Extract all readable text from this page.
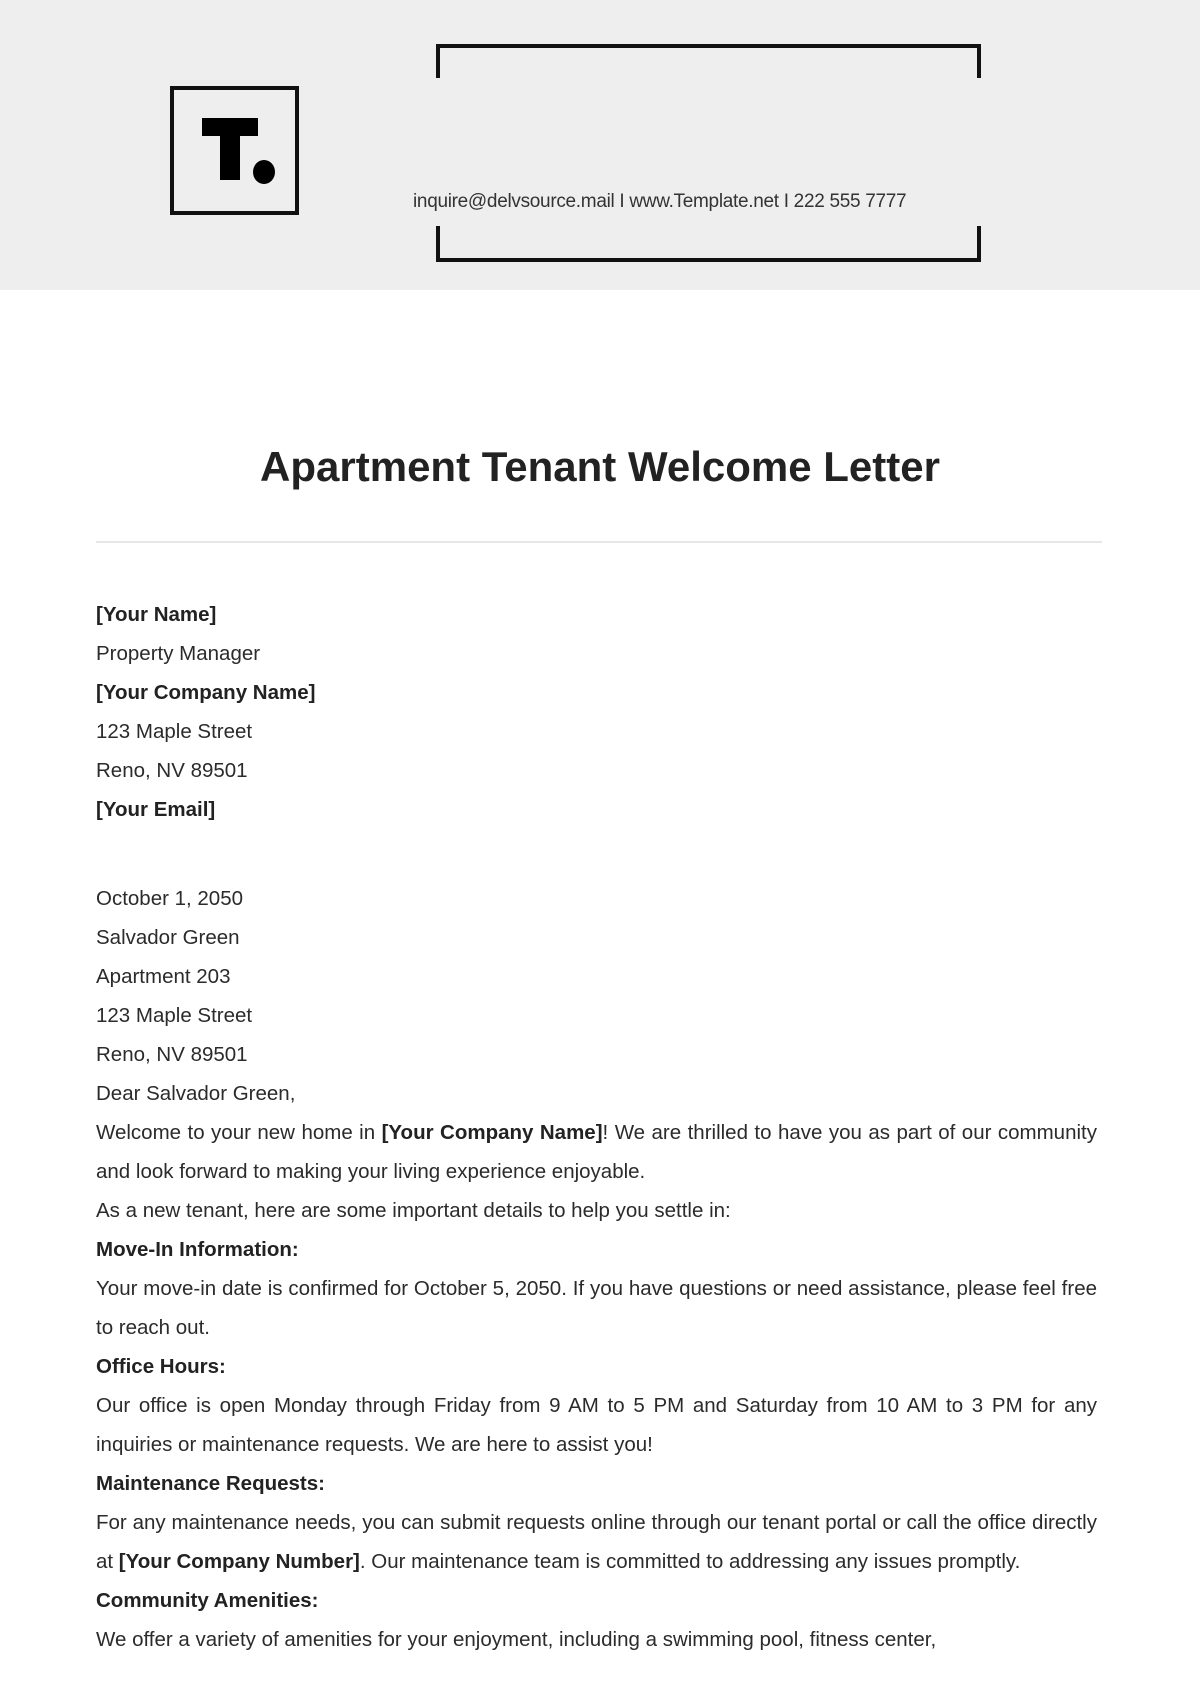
inquire@delvsource.mail I www.Template.net I 222 555 7777
Apartment Tenant Welcome Letter

[Your Name]

Property Manager

[Your Company Name]

123 Maple Street

Reno, NV 89501

[Your Email]

October 1, 2050

Salvador Green

Apartment 203

123 Maple Street

Reno, NV 89501

Dear Salvador Green,

Welcome to your new home in [Your Company Name]! We are thrilled to have you as part of our community and look forward to making your living experience enjoyable.

As a new tenant, here are some important details to help you settle in:

Move-In Information:

Your move-in date is confirmed for October 5, 2050. If you have questions or need assistance, please feel free to reach out.

Office Hours:

Our office is open Monday through Friday from 9 AM to 5 PM and Saturday from 10 AM to 3 PM for any inquiries or maintenance requests. We are here to assist you!

Maintenance Requests:

For any maintenance needs, you can submit requests online through our tenant portal or call the office directly at [Your Company Number]. Our maintenance team is committed to addressing any issues promptly.

Community Amenities:

We offer a variety of amenities for your enjoyment, including a swimming pool, fitness center,
